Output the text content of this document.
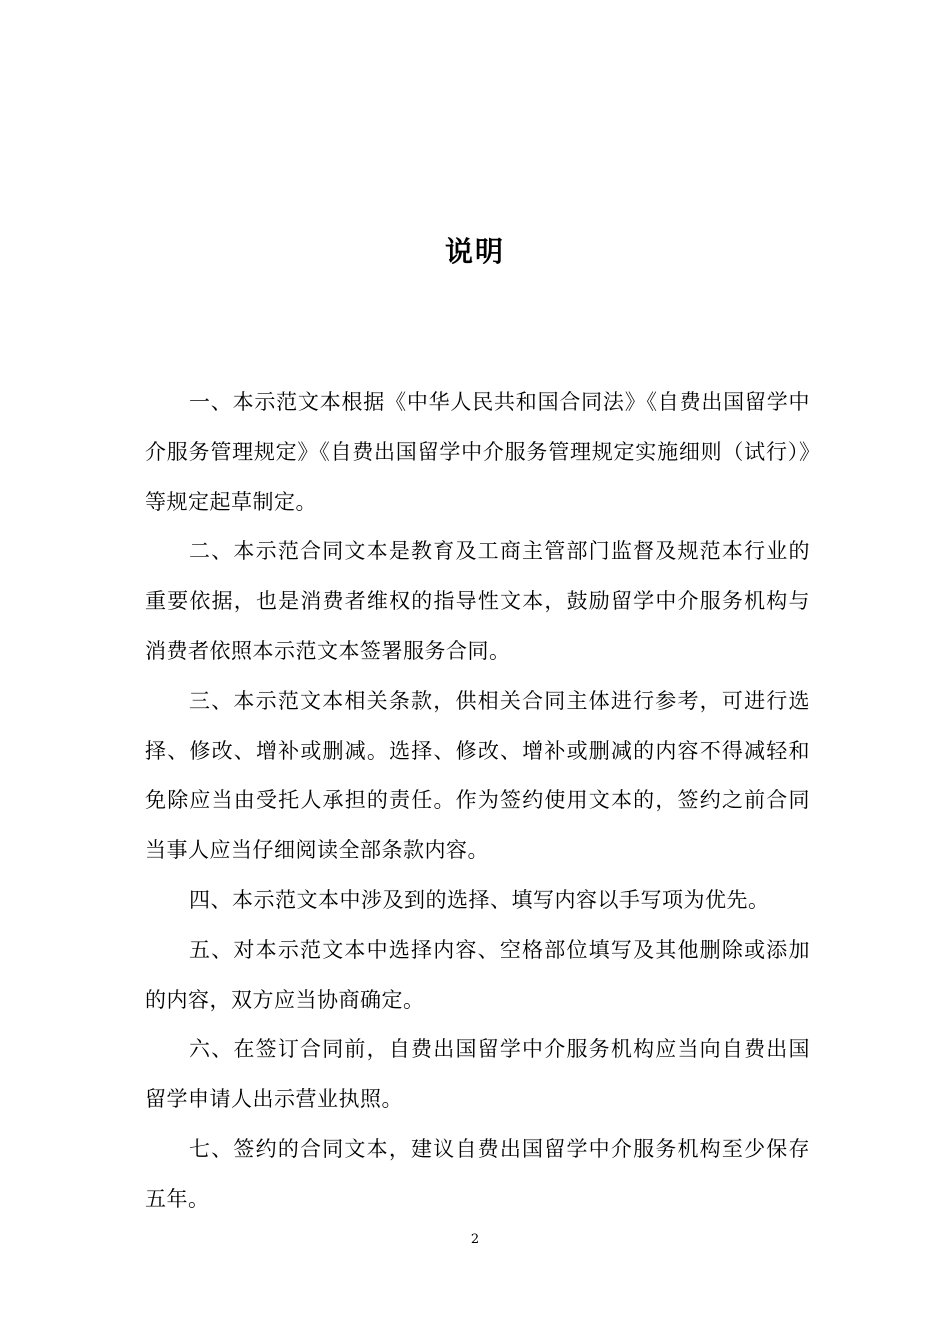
说明

一、本示范文本根据《中华人民共和国合同法》《自费出国留学中介服务管理规定》《自费出国留学中介服务管理规定实施细则（试行）》等规定起草制定。

二、本示范合同文本是教育及工商主管部门监督及规范本行业的重要依据，也是消费者维权的指导性文本，鼓励留学中介服务机构与消费者依照本示范文本签署服务合同。

三、本示范文本相关条款，供相关合同主体进行参考，可进行选择、修改、增补或删减。选择、修改、增补或删减的内容不得减轻和免除应当由受托人承担的责任。作为签约使用文本的，签约之前合同当事人应当仔细阅读全部条款内容。

四、本示范文本中涉及到的选择、填写内容以手写项为优先。

五、对本示范文本中选择内容、空格部位填写及其他删除或添加的内容，双方应当协商确定。

六、在签订合同前，自费出国留学中介服务机构应当向自费出国留学申请人出示营业执照。

七、签约的合同文本，建议自费出国留学中介服务机构至少保存五年。

2
